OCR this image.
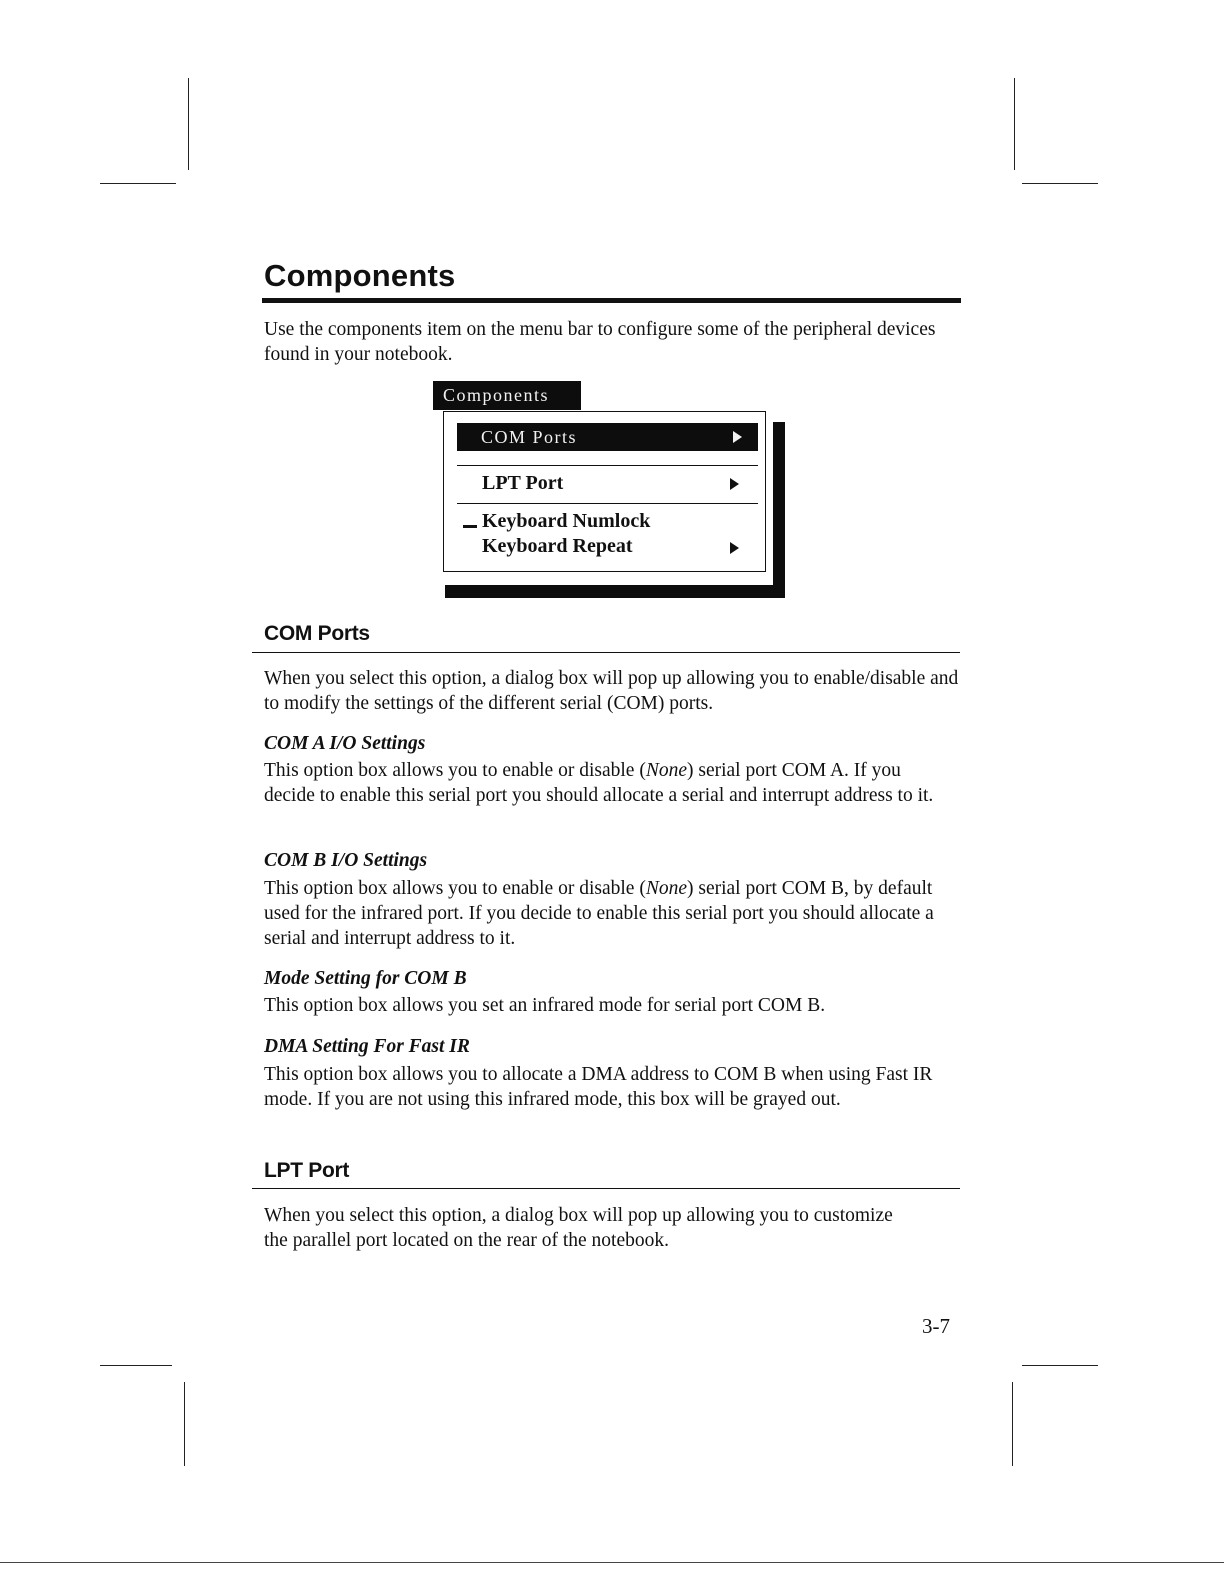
Components

Use the components item on the menu bar to configure some of the peripheral devices found in your notebook.

Components
COM Ports
LPT Port
Keyboard Numlock
Keyboard Repeat
COM Ports

When you select this option, a dialog box will pop up allowing you to enable/disable and to modify the settings of the different serial (COM) ports.

COM A I/O Settings

This option box allows you to enable or disable (None) serial port COM A. If you decide to enable this serial port you should allocate a serial and interrupt address to it.

COM B I/O Settings

This option box allows you to enable or disable (None) serial port COM B, by default used for the infrared port. If you decide to enable this serial port you should allocate a serial and interrupt address to it.

Mode Setting for COM B

This option box allows you set an infrared mode for serial port COM B.

DMA Setting For Fast IR

This option box allows you to allocate a DMA address to COM B when using Fast IR mode. If you are not using this infrared mode, this box will be grayed out.

LPT Port

When you select this option, a dialog box will pop up allowing you to customize the parallel port located on the rear of the notebook.

3-7
